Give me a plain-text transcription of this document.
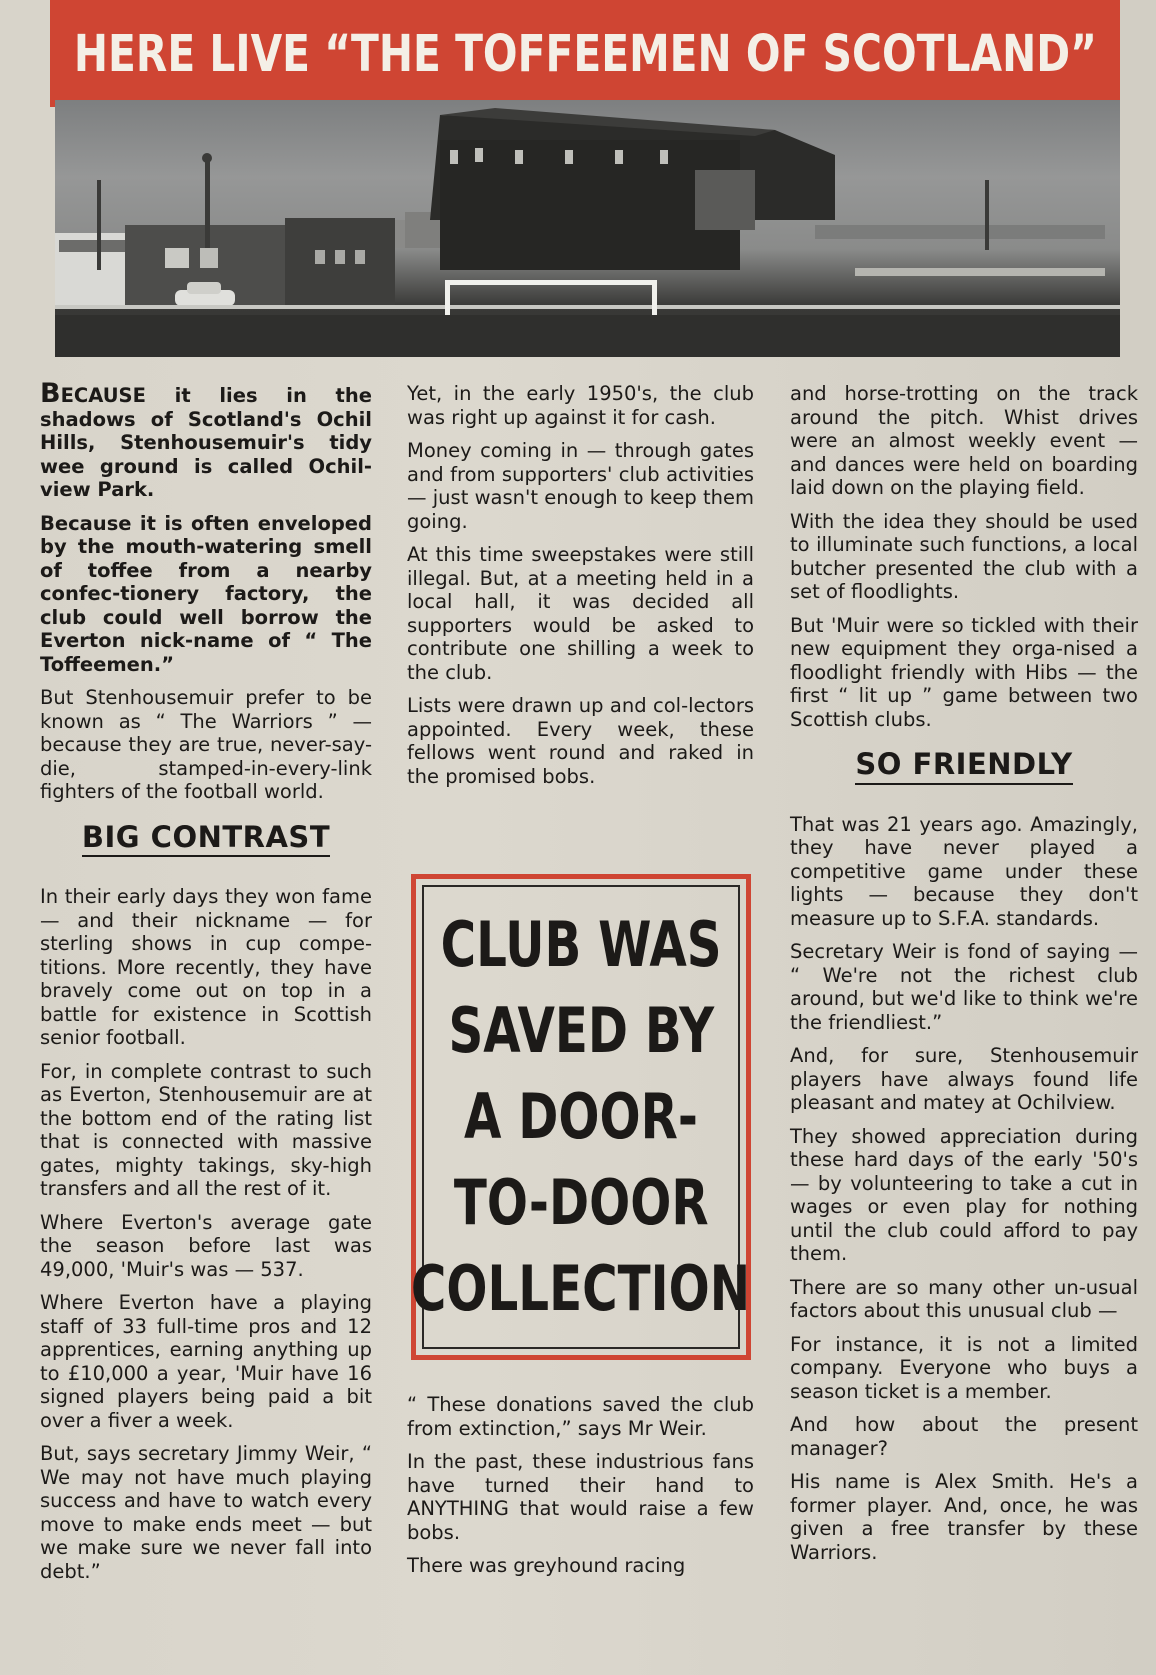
HERE LIVE “THE TOFFEEMEN OF SCOTLAND”

BECAUSE it lies in the shadows of Scotland's Ochil Hills, Stenhousemuir's tidy wee ground is called Ochil-view Park.

Because it is often enveloped by the mouth-watering smell of toffee from a nearby confec-tionery factory, the club could well borrow the Everton nick-name of “ The Toffeemen.”

But Stenhousemuir prefer to be known as “ The Warriors ” — because they are true, never-say-die, stamped-in-every-link fighters of the football world.

BIG CONTRAST

In their early days they won fame — and their nickname — for sterling shows in cup compe-titions. More recently, they have bravely come out on top in a battle for existence in Scottish senior football.

For, in complete contrast to such as Everton, Stenhousemuir are at the bottom end of the rating list that is connected with massive gates, mighty takings, sky-high transfers and all the rest of it.

Where Everton's average gate the season before last was 49,000, 'Muir's was — 537.

Where Everton have a playing staff of 33 full-time pros and 12 apprentices, earning anything up to £10,000 a year, 'Muir have 16 signed players being paid a bit over a fiver a week.

But, says secretary Jimmy Weir, “ We may not have much playing success and have to watch every move to make ends meet — but we make sure we never fall into debt.”

Yet, in the early 1950's, the club was right up against it for cash.

Money coming in — through gates and from supporters' club activities — just wasn't enough to keep them going.

At this time sweepstakes were still illegal. But, at a meeting held in a local hall, it was decided all supporters would be asked to contribute one shilling a week to the club.

Lists were drawn up and col-lectors appointed. Every week, these fellows went round and raked in the promised bobs.

CLUB WAS
SAVED BY
A DOOR-
TO-DOOR
COLLECTION

“ These donations saved the club from extinction,” says Mr Weir.

In the past, these industrious fans have turned their hand to ANYTHING that would raise a few bobs.

There was greyhound racing

and horse-trotting on the track around the pitch. Whist drives were an almost weekly event — and dances were held on boarding laid down on the playing field.

With the idea they should be used to illuminate such functions, a local butcher presented the club with a set of floodlights.

But 'Muir were so tickled with their new equipment they orga-nised a floodlight friendly with Hibs — the first “ lit up ” game between two Scottish clubs.

SO FRIENDLY

That was 21 years ago. Amazingly, they have never played a competitive game under these lights — because they don't measure up to S.F.A. standards.

Secretary Weir is fond of saying — “ We're not the richest club around, but we'd like to think we're the friendliest.”

And, for sure, Stenhousemuir players have always found life pleasant and matey at Ochilview.

They showed appreciation during these hard days of the early '50's — by volunteering to take a cut in wages or even play for nothing until the club could afford to pay them.

There are so many other un-usual factors about this unusual club —

For instance, it is not a limited company. Everyone who buys a season ticket is a member.

And how about the present manager?

His name is Alex Smith. He's a former player. And, once, he was given a free transfer by these Warriors.
